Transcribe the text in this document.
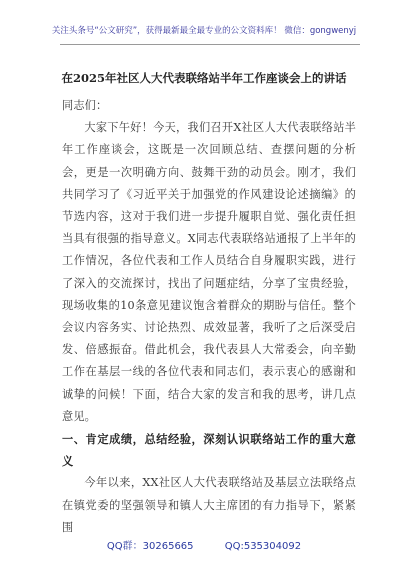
关注头条号“公文研究”，获得最新最全最专业的公文资料库！ 微信：gongwenyj
在2025年社区人大代表联络站半年工作座谈会上的讲话

同志们：

大家下午好！今天，我们召开X社区人大代表联络站半年工作座谈会，这既是一次回顾总结、查摆问题的分析会，更是一次明确方向、鼓舞干劲的动员会。刚才，我们共同学习了《习近平关于加强党的作风建设论述摘编》的节选内容，这对于我们进一步提升履职自觉、强化责任担当具有很强的指导意义。X同志代表联络站通报了上半年的工作情况，各位代表和工作人员结合自身履职实践，进行了深入的交流探讨，找出了问题症结，分享了宝贵经验，现场收集的10条意见建议饱含着群众的期盼与信任。整个会议内容务实、讨论热烈、成效显著，我听了之后深受启发、倍感振奋。借此机会，我代表县人大常委会，向辛勤工作在基层一线的各位代表和同志们，表示衷心的感谢和诚挚的问候！下面，结合大家的发言和我的思考，讲几点意见。

一、肯定成绩，总结经验，深刻认识联络站工作的重大意义

今年以来，XX社区人大代表联络站及基层立法联络点在镇党委的坚强领导和镇人大主席团的有力指导下，紧紧围

QQ群：30265665	QQ:535304092
